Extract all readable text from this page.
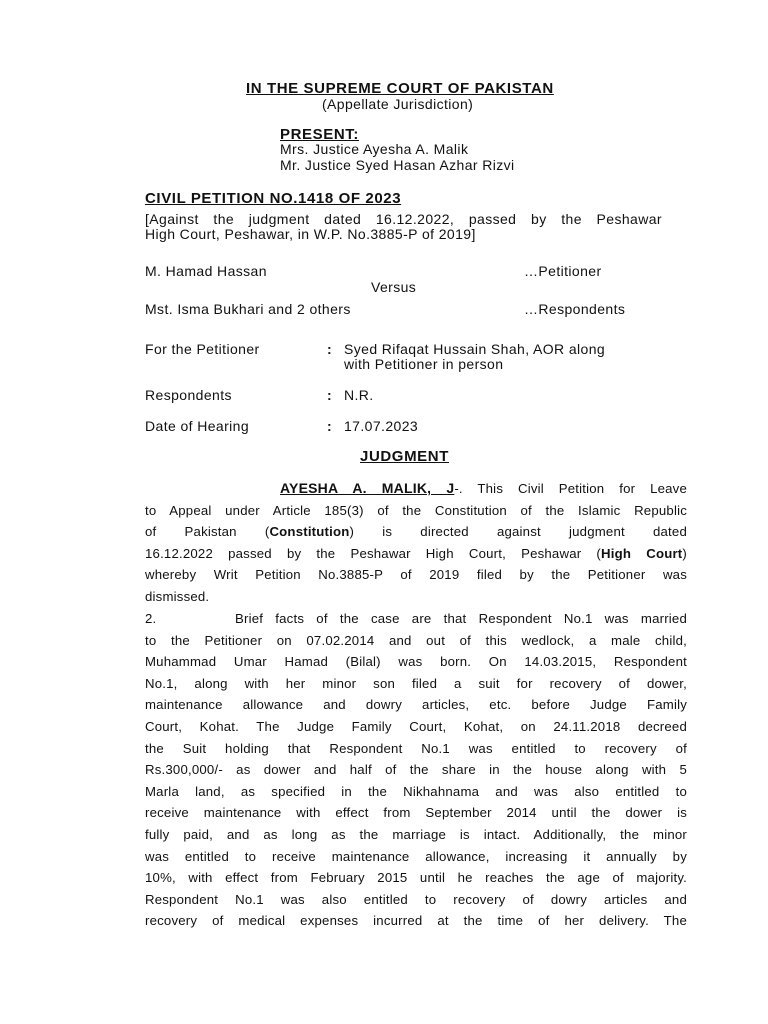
IN THE SUPREME COURT OF PAKISTAN
(Appellate Jurisdiction)
PRESENT:
Mrs. Justice Ayesha A. Malik
Mr. Justice Syed Hasan Azhar Rizvi
CIVIL PETITION NO.1418 OF 2023
[Against the judgment dated 16.12.2022, passed by the Peshawar
High Court, Peshawar, in W.P. No.3885-P of 2019]
M. Hamad Hassan	…Petitioner
Versus
Mst. Isma Bukhari and 2 others	…Respondents
For the Petitioner	: Syed Rifaqat Hussain Shah, AOR along
with Petitioner in person
Respondents	: N.R.
Date of Hearing	: 17.07.2023
JUDGMENT
AYESHA A. MALIK, J-. This Civil Petition for Leave
to Appeal under Article 185(3) of the Constitution of the Islamic Republic
of Pakistan (Constitution) is directed against judgment dated
16.12.2022 passed by the Peshawar High Court, Peshawar (High Court)
whereby Writ Petition No.3885-P of 2019 filed by the Petitioner was
dismissed.
2.	Brief facts of the case are that Respondent No.1 was married
to the Petitioner on 07.02.2014 and out of this wedlock, a male child,
Muhammad Umar Hamad (Bilal) was born. On 14.03.2015, Respondent
No.1, along with her minor son filed a suit for recovery of dower,
maintenance allowance and dowry articles, etc. before Judge Family
Court, Kohat. The Judge Family Court, Kohat, on 24.11.2018 decreed
the Suit holding that Respondent No.1 was entitled to recovery of
Rs.300,000/- as dower and half of the share in the house along with 5
Marla land, as specified in the Nikhahnama and was also entitled to
receive maintenance with effect from September 2014 until the dower is
fully paid, and as long as the marriage is intact. Additionally, the minor
was entitled to receive maintenance allowance, increasing it annually by
10%, with effect from February 2015 until he reaches the age of majority.
Respondent No.1 was also entitled to recovery of dowry articles and
recovery of medical expenses incurred at the time of her delivery. The
